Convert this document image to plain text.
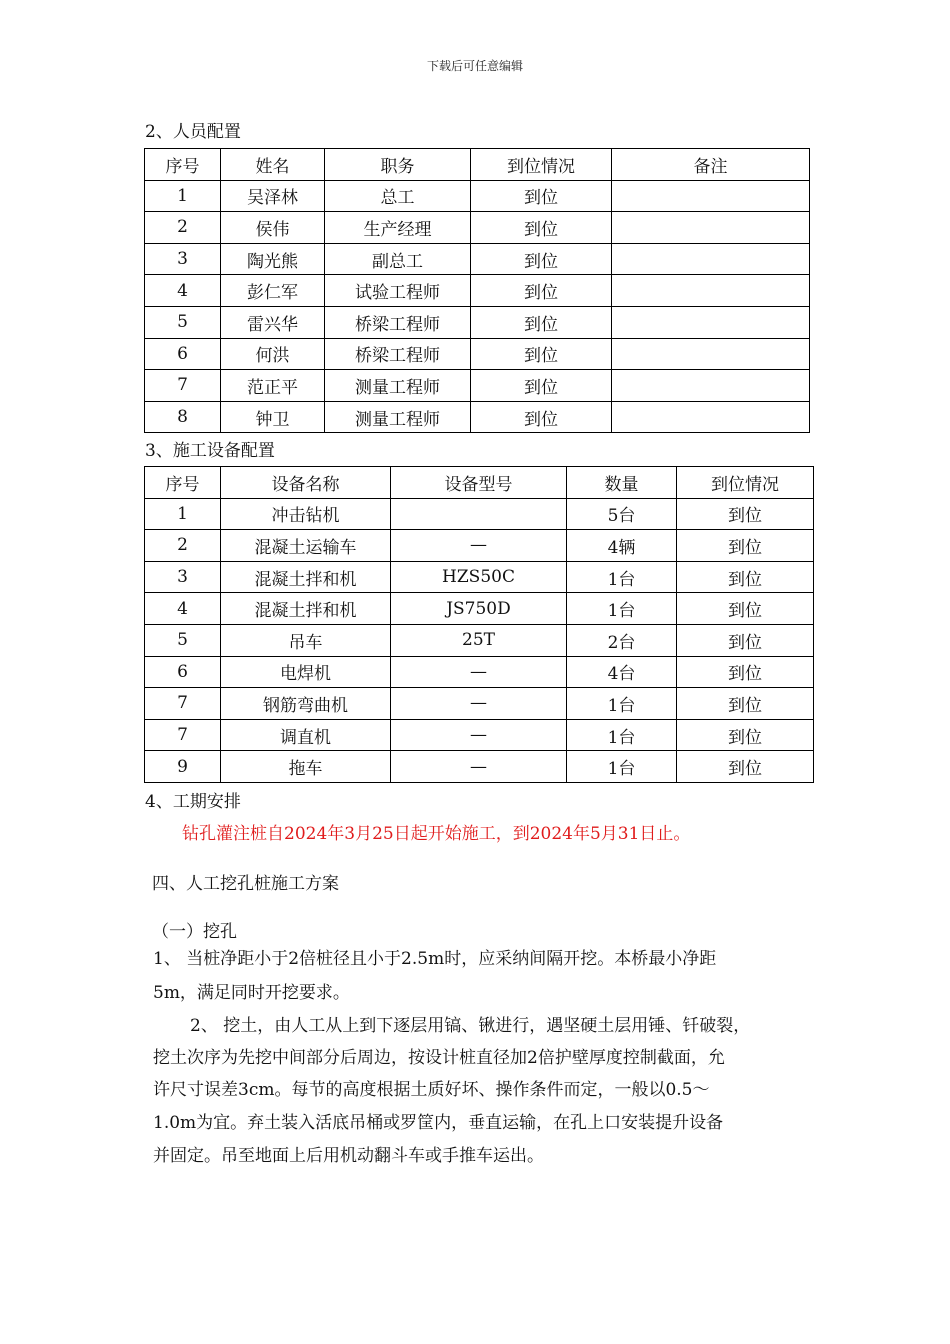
下载后可任意编辑
2、人员配置
序号	姓名	职务	到位情况	备注
1	吴泽林	总工	到位	
2	侯伟	生产经理	到位	
3	陶光熊	副总工	到位	
4	彭仁军	试验工程师	到位	
5	雷兴华	桥梁工程师	到位	
6	何洪	桥梁工程师	到位	
7	范正平	测量工程师	到位	
8	钟卫	测量工程师	到位	
3、施工设备配置
序号	设备名称	设备型号	数量	到位情况
1	冲击钻机		5台	到位
2	混凝土运输车	—	4辆	到位
3	混凝土拌和机	HZS50C	1台	到位
4	混凝土拌和机	JS750D	1台	到位
5	吊车	25T	2台	到位
6	电焊机	—	4台	到位
7	钢筋弯曲机	—	1台	到位
7	调直机	—	1台	到位
9	拖车	—	1台	到位
4、工期安排
钻孔灌注桩自2024年3月25日起开始施工，到2024年5月31日止。
四、人工挖孔桩施工方案
（一）挖孔
1、 当桩净距小于2倍桩径且小于2.5m时，应采纳间隔开挖。本桥最小净距
5m，满足同时开挖要求。
2、 挖土，由人工从上到下逐层用镐、锹进行，遇坚硬土层用锤、钎破裂，
挖土次序为先挖中间部分后周边，按设计桩直径加2倍护壁厚度控制截面，允
许尺寸误差3cm。每节的高度根据土质好坏、操作条件而定，一般以0.5～
1.0m为宜。弃土装入活底吊桶或罗筐内，垂直运输，在孔上口安装提升设备
并固定。吊至地面上后用机动翻斗车或手推车运出。
